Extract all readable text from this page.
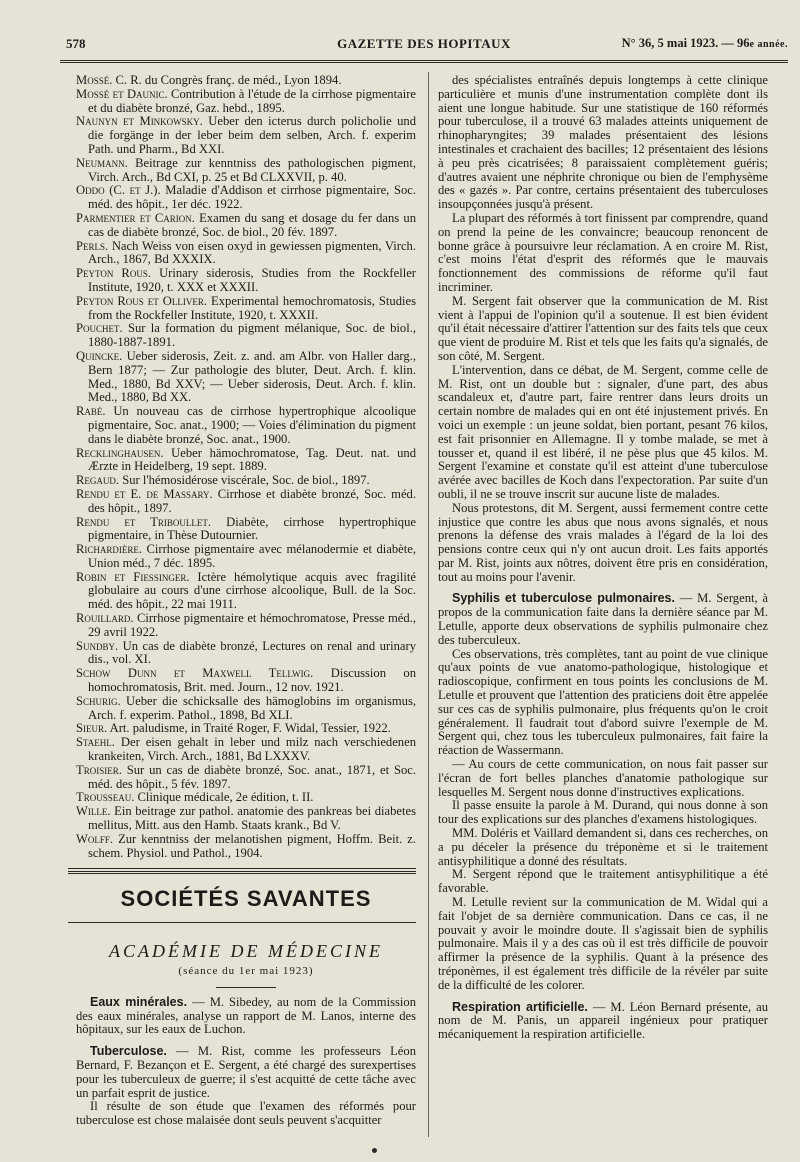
578	GAZETTE DES HOPITAUX	N° 36, 5 mai 1923. — 96e année.

Mossé. C. R. du Congrès franç. de méd., Lyon 1894.

Mossé et Daunic. Contribution à l'étude de la cirrhose pigmentaire et du diabète bronzé, Gaz. hebd., 1895.

Naunyn et Minkowsky. Ueber den icterus durch policholie und die forgänge in der leber beim dem selben, Arch. f. experim Path. und Pharm., Bd XXI.

Neumann. Beitrage zur kenntniss des pathologischen pigment, Virch. Arch., Bd CXI, p. 25 et Bd CLXXVII, p. 40.

Oddo (C. et J.). Maladie d'Addison et cirrhose pigmentaire, Soc. méd. des hôpit., 1er déc. 1922.

Parmentier et Carion. Examen du sang et dosage du fer dans un cas de diabète bronzé, Soc. de biol., 20 fév. 1897.

Perls. Nach Weiss von eisen oxyd in gewiessen pigmenten, Virch. Arch., 1867, Bd XXXIX.

Peyton Rous. Urinary siderosis, Studies from the Rockfeller Institute, 1920, t. XXX et XXXII.

Peyton Rous et Olliver. Experimental hemochromatosis, Studies from the Rockfeller Institute, 1920, t. XXXII.

Pouchet. Sur la formation du pigment mélanique, Soc. de biol., 1880-1887-1891.

Quincke. Ueber siderosis, Zeit. z. and. am Albr. von Haller darg., Bern 1877; — Zur pathologie des bluter, Deut. Arch. f. klin. Med., 1880, Bd XXV; — Ueber siderosis, Deut. Arch. f. klin. Med., 1880, Bd XX.

Rabé. Un nouveau cas de cirrhose hypertrophique alcoolique pigmentaire, Soc. anat., 1900; — Voies d'élimination du pigment dans le diabète bronzé, Soc. anat., 1900.

Recklinghausen. Ueber hämochromatose, Tag. Deut. nat. und Ærzte in Heidelberg, 19 sept. 1889.

Regaud. Sur l'hémosidérose viscérale, Soc. de biol., 1897.

Rendu et E. de Massary. Cirrhose et diabète bronzé, Soc. méd. des hôpit., 1897.

Rendu et Triboullet. Diabète, cirrhose hypertrophique pigmentaire, in Thèse Dutournier.

Richardière. Cirrhose pigmentaire avec mélanodermie et diabète, Union méd., 7 déc. 1895.

Robin et Fiessinger. Ictère hémolytique acquis avec fragilité globulaire au cours d'une cirrhose alcoolique, Bull. de la Soc. méd. des hôpit., 22 mai 1911.

Rouillard. Cirrhose pigmentaire et hémochromatose, Presse méd., 29 avril 1922.

Sundby. Un cas de diabète bronzé, Lectures on renal and urinary dis., vol. XI.

Schow Dunn et Maxwell Tellwig. Discussion on homochromatosis, Brit. med. Journ., 12 nov. 1921.

Schurig. Ueber die schicksalle des hämoglobins im organismus, Arch. f. experim. Pathol., 1898, Bd XLI.

Sieur. Art. paludisme, in Traité Roger, F. Widal, Tessier, 1922.

Staehl. Der eisen gehalt in leber und milz nach verschiedenen krankeiten, Virch. Arch., 1881, Bd LXXXV.

Troisier. Sur un cas de diabète bronzé, Soc. anat., 1871, et Soc. méd. des hôpit., 5 fév. 1897.

Trousseau. Clinique médicale, 2e édition, t. II.

Wille. Ein beitrage zur pathol. anatomie des pankreas bei diabetes mellitus, Mitt. aus den Hamb. Staats krank., Bd V.

Wolff. Zur kenntniss der melanotishen pigment, Hoffm. Beit. z. schem. Physiol. und Pathol., 1904.

SOCIÉTÉS SAVANTES
ACADÉMIE DE MÉDECINE
(séance du 1er mai 1923)

Eaux minérales. — M. Sibedey, au nom de la Commission des eaux minérales, analyse un rapport de M. Lanos, interne des hôpitaux, sur les eaux de Luchon.

Tuberculose. — M. Rist, comme les professeurs Léon Bernard, F. Bezançon et E. Sergent, a été chargé des surexpertises pour les tuberculeux de guerre; il s'est acquitté de cette tâche avec un parfait esprit de justice.

Il résulte de son étude que l'examen des réformés pour tuberculose est chose malaisée dont seuls peuvent s'acquitter

des spécialistes entraînés depuis longtemps à cette clinique particulière et munis d'une instrumentation complète dont ils aient une longue habitude. Sur une statistique de 160 réformés pour tuberculose, il a trouvé 63 malades atteints uniquement de rhinopharyngites; 39 malades présentaient des lésions intestinales et crachaient des bacilles; 12 présentaient des lésions à peu près cicatrisées; 8 paraissaient complètement guéris; d'autres avaient une néphrite chronique ou bien de l'emphysème des « gazés ». Par contre, certains présentaient des tuberculoses insoupçonnées jusqu'à présent.

La plupart des réformés à tort finissent par comprendre, quand on prend la peine de les convaincre; beaucoup renoncent de bonne grâce à poursuivre leur réclamation. A en croire M. Rist, c'est moins l'état d'esprit des réformés que le mauvais fonctionnement des commissions de réforme qu'il faut incriminer.

M. Sergent fait observer que la communication de M. Rist vient à l'appui de l'opinion qu'il a soutenue. Il est bien évident qu'il était nécessaire d'attirer l'attention sur des faits tels que ceux que vient de produire M. Rist et tels que les faits qu'a signalés, de son côté, M. Sergent.

L'intervention, dans ce débat, de M. Sergent, comme celle de M. Rist, ont un double but : signaler, d'une part, des abus scandaleux et, d'autre part, faire rentrer dans leurs droits un certain nombre de malades qui en ont été injustement privés. En voici un exemple : un jeune soldat, bien portant, pesant 76 kilos, est fait prisonnier en Allemagne. Il y tombe malade, se met à tousser et, quand il est libéré, il ne pèse plus que 45 kilos. M. Sergent l'examine et constate qu'il est atteint d'une tuberculose avérée avec bacilles de Koch dans l'expectoration. Par suite d'un oubli, il ne se trouve inscrit sur aucune liste de malades.

Nous protestons, dit M. Sergent, aussi fermement contre cette injustice que contre les abus que nous avons signalés, et nous prenons la défense des vrais malades à l'égard de la loi des pensions contre ceux qui n'y ont aucun droit. Les faits apportés par M. Rist, joints aux nôtres, doivent être pris en considération, tout au moins pour l'avenir.

Syphilis et tuberculose pulmonaires. — M. Sergent, à propos de la communication faite dans la dernière séance par M. Letulle, apporte deux observations de syphilis pulmonaire chez des tuberculeux.

Ces observations, très complètes, tant au point de vue clinique qu'aux points de vue anatomo-pathologique, histologique et radioscopique, confirment en tous points les conclusions de M. Letulle et prouvent que l'attention des praticiens doit être appelée sur ces cas de syphilis pulmonaire, plus fréquents qu'on le croit généralement. Il faudrait tout d'abord suivre l'exemple de M. Sergent qui, chez tous les tuberculeux pulmonaires, fait faire la réaction de Wassermann.

— Au cours de cette communication, on nous fait passer sur l'écran de fort belles planches d'anatomie pathologique sur lesquelles M. Sergent nous donne d'instructives explications.

Il passe ensuite la parole à M. Durand, qui nous donne à son tour des explications sur des planches d'examens histologiques.

MM. Doléris et Vaillard demandent si, dans ces recherches, on a pu déceler la présence du tréponème et si le traitement antisyphilitique a donné des résultats.

M. Sergent répond que le traitement antisyphilitique a été favorable.

M. Letulle revient sur la communication de M. Widal qui a fait l'objet de sa dernière communication. Dans ce cas, il ne pouvait y avoir le moindre doute. Il s'agissait bien de syphilis pulmonaire. Mais il y a des cas où il est très difficile de pouvoir affirmer la présence de la syphilis. Quant à la présence des tréponèmes, il est également très difficile de la révéler par suite de la difficulté de les colorer.

Respiration artificielle. — M. Léon Bernard présente, au nom de M. Panis, un appareil ingénieux pour pratiquer mécaniquement la respiration artificielle.
